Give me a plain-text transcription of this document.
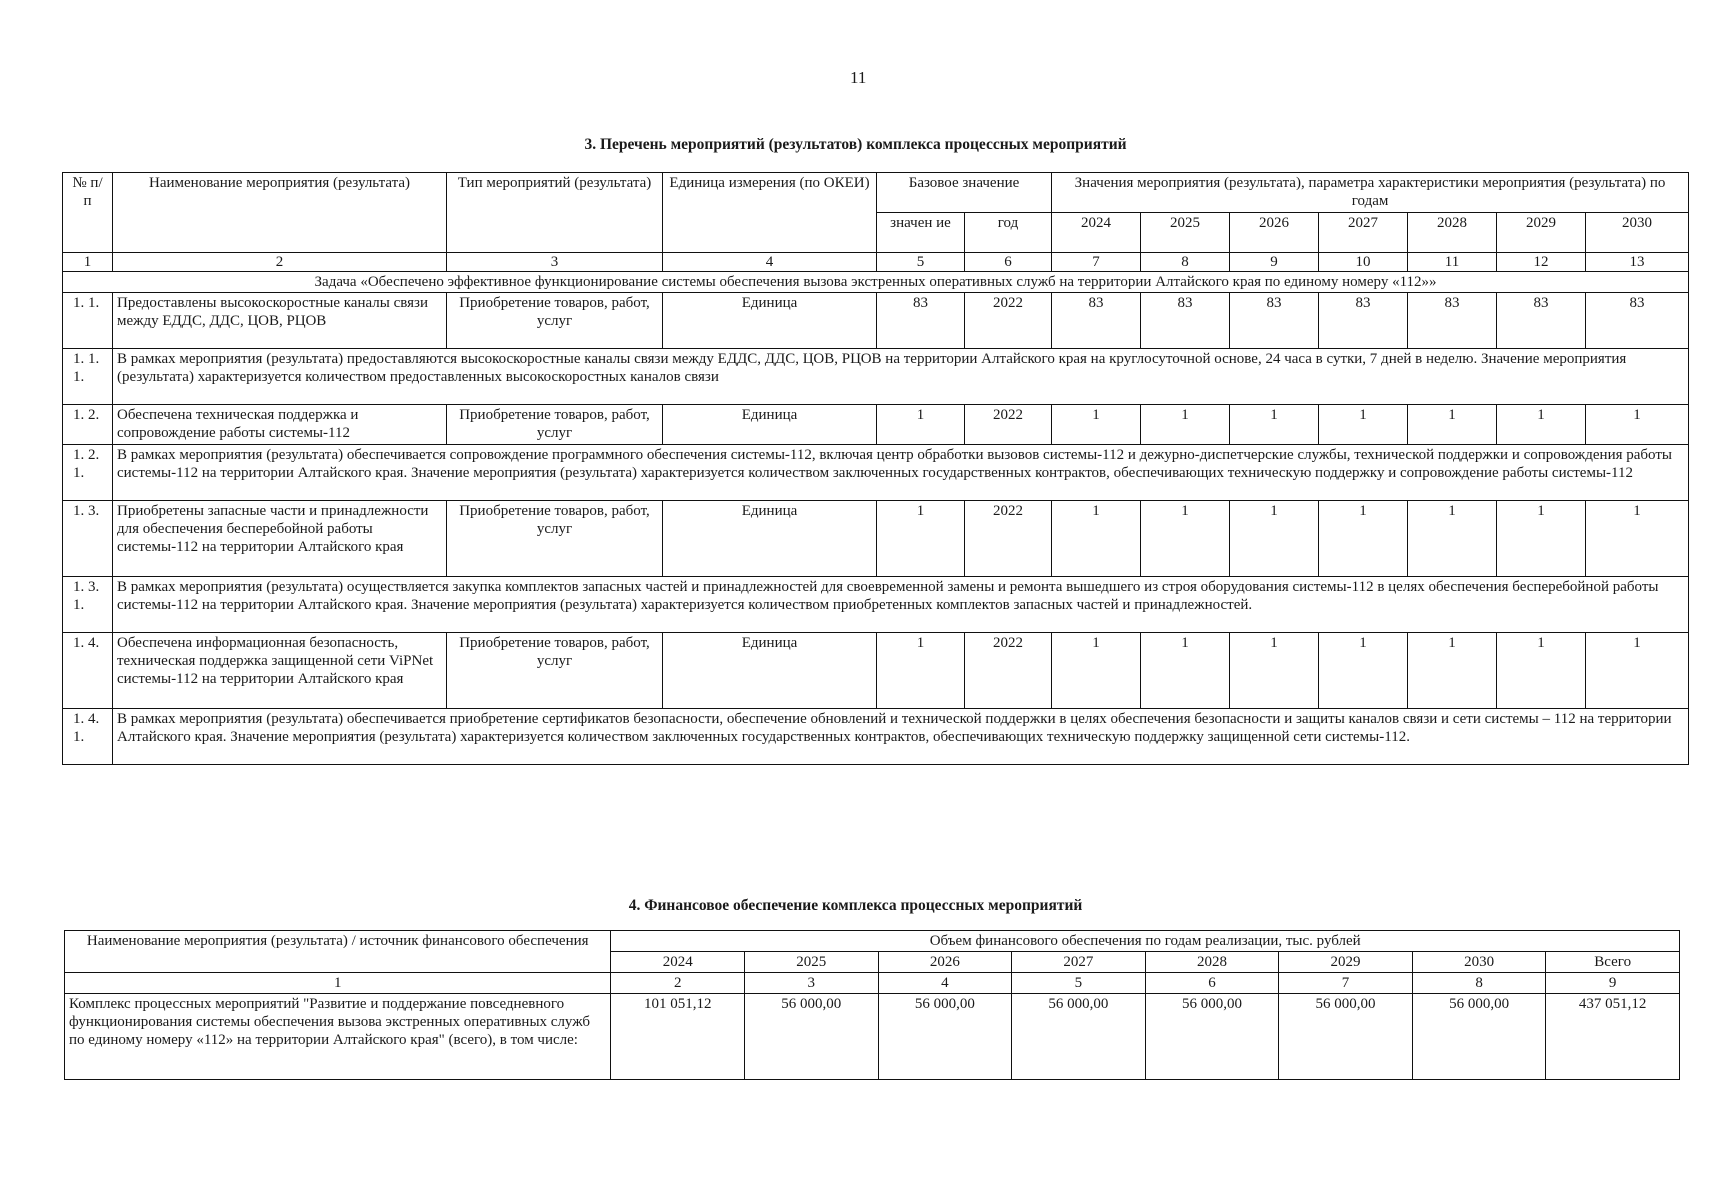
11
3. Перечень мероприятий (результатов) комплекса процессных мероприятий
№ п/ п	Наименование мероприятия (результата)	Тип мероприятий (результата)	Единица измерения (по ОКЕИ)	Базовое значение		Значения мероприятия (результата), параметра характеристики мероприятия (результата) по годам						
				значен ие	год	2024	2025	2026	2027	2028	2029	2030
1	2	3	4	5	6	7	8	9	10	11	12	13
Задача «Обеспечено эффективное функционирование системы обеспечения вызова экстренных оперативных служб на территории Алтайского края по единому номеру «112»»												
1. 1.	Предоставлены высокоскоростные каналы связи между ЕДДС, ДДС, ЦОВ, РЦОВ	Приобретение товаров, работ, услуг	Единица	83	2022	83	83	83	83	83	83	83
1. 1. 1.	В рамках мероприятия (результата) предоставляются высокоскоростные каналы связи между ЕДДС, ДДС, ЦОВ, РЦОВ на территории Алтайского края на круглосуточной основе, 24 часа в сутки, 7 дней в неделю. Значение мероприятия (результата) характеризуется количеством предоставленных высокоскоростных каналов связи											
1. 2.	Обеспечена техническая поддержка и сопровождение работы системы-112	Приобретение товаров, работ, услуг	Единица	1	2022	1	1	1	1	1	1	1
1. 2. 1.	В рамках мероприятия (результата) обеспечивается сопровождение программного обеспечения системы-112, включая центр обработки вызовов системы-112 и дежурно-диспетчерские службы, технической поддержки и сопровождения работы системы-112 на территории Алтайского края. Значение мероприятия (результата) характеризуется количеством заключенных государственных контрактов, обеспечивающих техническую поддержку и сопровождение работы системы-112											
1. 3.	Приобретены запасные части и принадлежности для обеспечения бесперебойной работы системы-112 на территории Алтайского края	Приобретение товаров, работ, услуг	Единица	1	2022	1	1	1	1	1	1	1
1. 3. 1.	В рамках мероприятия (результата) осуществляется закупка комплектов запасных частей и принадлежностей для своевременной замены и ремонта вышедшего из строя оборудования системы-112 в целях обеспечения бесперебойной работы системы-112 на территории Алтайского края. Значение мероприятия (результата) характеризуется количеством приобретенных комплектов запасных частей и принадлежностей.											
1. 4.	Обеспечена информационная безопасность, техническая поддержка защищенной сети ViPNet системы-112 на территории Алтайского края	Приобретение товаров, работ, услуг	Единица	1	2022	1	1	1	1	1	1	1
1. 4. 1.	В рамках мероприятия (результата) обеспечивается приобретение сертификатов безопасности, обеспечение обновлений и технической поддержки в целях обеспечения безопасности и защиты каналов связи и сети системы – 112 на территории Алтайского края. Значение мероприятия (результата) характеризуется количеством заключенных государственных контрактов, обеспечивающих техническую поддержку защищенной сети системы-112.											
4. Финансовое обеспечение комплекса процессных мероприятий
Наименование мероприятия (результата) / источник финансового обеспечения	Объем финансового обеспечения по годам реализации, тыс. рублей							
	2024	2025	2026	2027	2028	2029	2030	Всего
1	2	3	4	5	6	7	8	9
Комплекс процессных мероприятий "Развитие и поддержание повседневного функционирования системы обеспечения вызова экстренных оперативных служб по единому номеру «112» на территории Алтайского края" (всего), в том числе:	101 051,12	56 000,00	56 000,00	56 000,00	56 000,00	56 000,00	56 000,00	437 051,12
